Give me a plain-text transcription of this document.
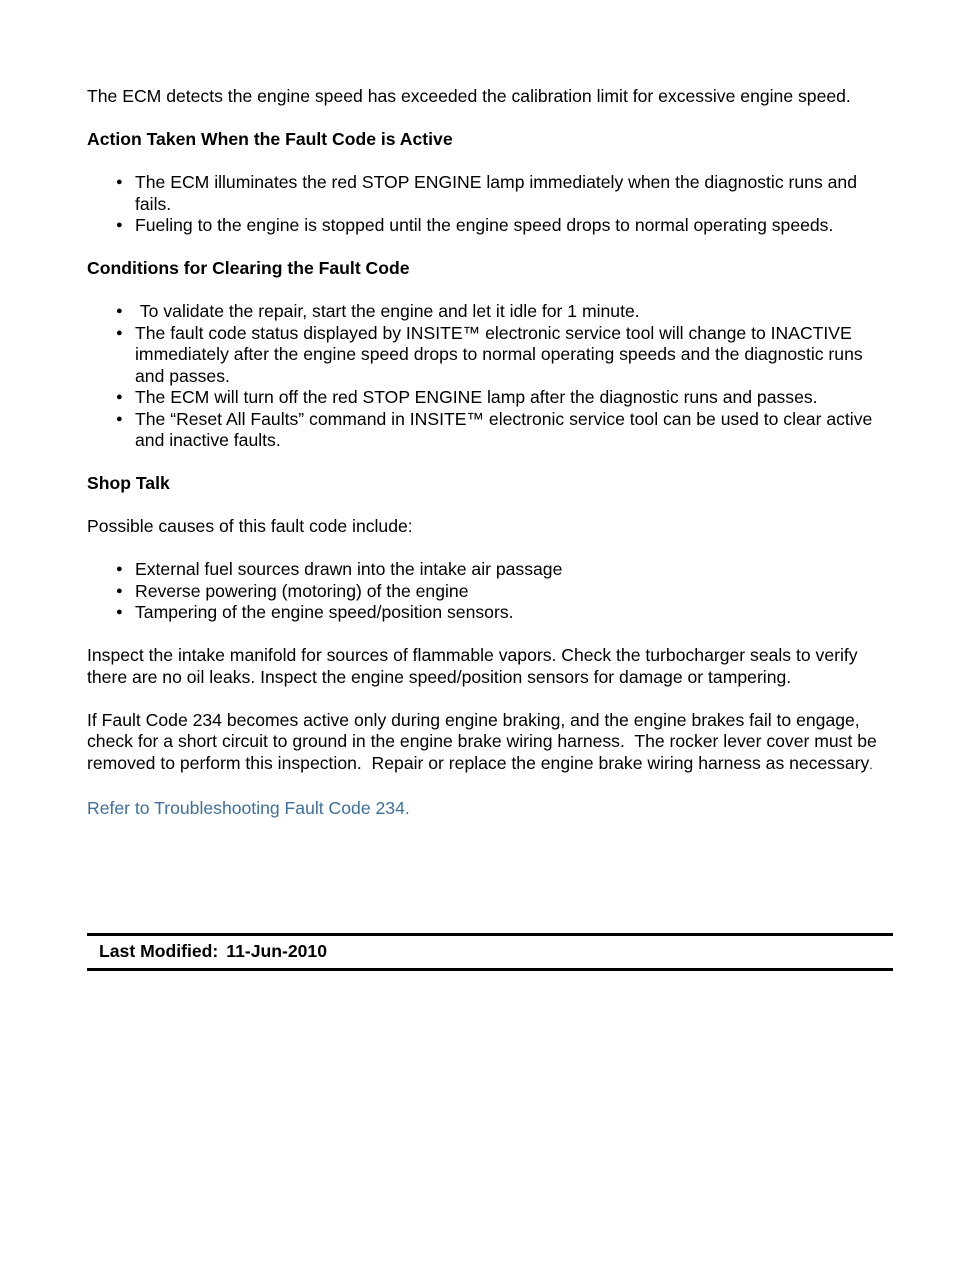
The ECM detects the engine speed has exceeded the calibration limit for excessive engine speed.

Action Taken When the Fault Code is Active
● The ECM illuminates the red STOP ENGINE lamp immediately when the diagnostic runs and fails.
● Fueling to the engine is stopped until the engine speed drops to normal operating speeds.
Conditions for Clearing the Fault Code
● To validate the repair, start the engine and let it idle for 1 minute.
● The fault code status displayed by INSITE™ electronic service tool will change to INACTIVE immediately after the engine speed drops to normal operating speeds and the diagnostic runs and passes.
● The ECM will turn off the red STOP ENGINE lamp after the diagnostic runs and passes.
● The “Reset All Faults” command in INSITE™ electronic service tool can be used to clear active and inactive faults.
Shop Talk

Possible causes of this fault code include:

● External fuel sources drawn into the intake air passage
● Reverse powering (motoring) of the engine
● Tampering of the engine speed/position sensors.

Inspect the intake manifold for sources of flammable vapors. Check the turbocharger seals to verify there are no oil leaks. Inspect the engine speed/position sensors for damage or tampering.

If Fault Code 234 becomes active only during engine braking, and the engine brakes fail to engage, check for a short circuit to ground in the engine brake wiring harness.  The rocker lever cover must be removed to perform this inspection.  Repair or replace the engine brake wiring harness as necessary.

Refer to Troubleshooting Fault Code 234.

Last Modified: 11-Jun-2010
